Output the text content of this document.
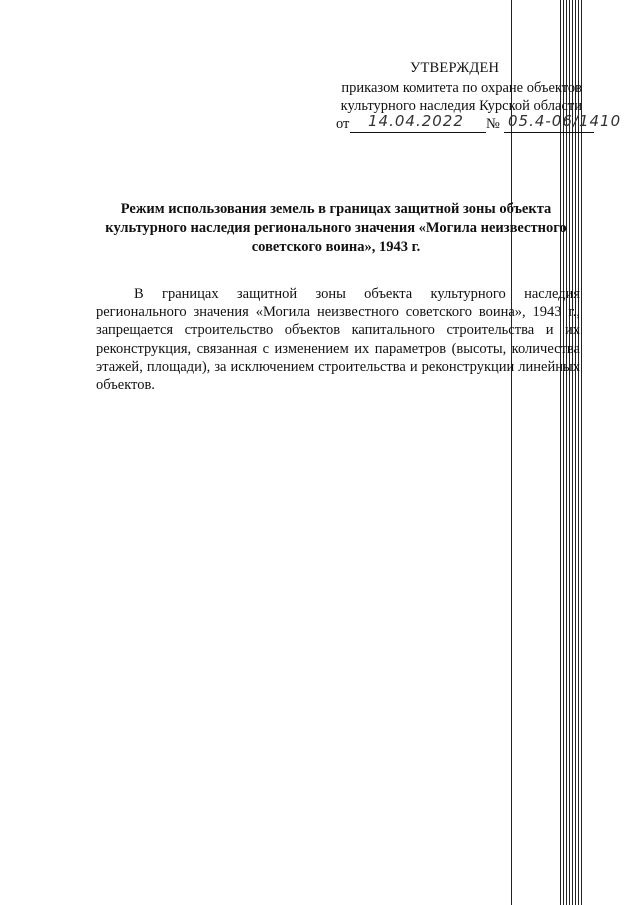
УТВЕРЖДЕН

приказом комитета по охране объектов

культурного наследия Курской области

от 14.04.2022 № 05.4-06/1410

Режим использования земель в границах защитной зоны объекта культурного наследия регионального значения «Могила неизвестного советского воина», 1943 г.

В границах защитной зоны объекта культурного наследия регионального значения «Могила неизвестного советского воина», 1943 г., запрещается строительство объектов капитального строительства и их реконструкция, связанная с изменением их параметров (высоты, количества этажей, площади), за исключением строительства и реконструкции линейных объектов.
